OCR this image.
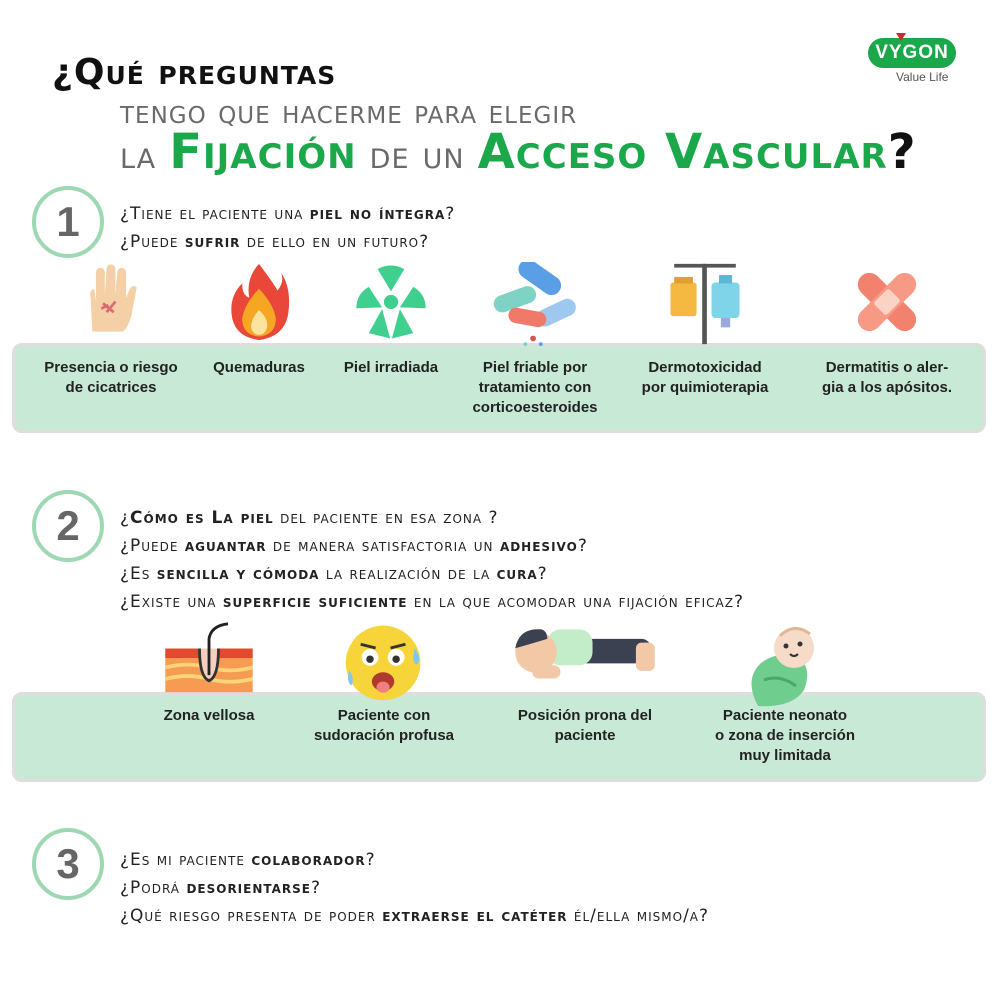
¿Qué preguntas
tengo que hacerme para elegir
la Fijación de un Acceso Vascular?
VYGON
Value Life
1	¿Tiene el paciente una piel no íntegra?
¿Puede sufrir de ello en un futuro?
Presencia o riesgo
de cicatrices
Quemaduras	Piel irradiada	Piel friable por
tratamiento con
corticoesteroides
Dermotoxicidad
por quimioterapia
Dermatitis o aler-
gia a los apósitos.
2	¿Cómo es La piel del paciente en esa zona ?
¿Puede aguantar de manera satisfactoria un adhesivo?
¿Es sencilla y cómoda la realización de la cura?
¿Existe una superficie suficiente en la que acomodar una fijación eficaz?
Zona vellosa	Paciente con
sudoración profusa
Posición prona del
paciente
Paciente neonato
o zona de inserción
muy limitada
3	¿Es mi paciente colaborador?
¿Podrá desorientarse?
¿Qué riesgo presenta de poder extraerse el catéter él/ella mismo/a?
